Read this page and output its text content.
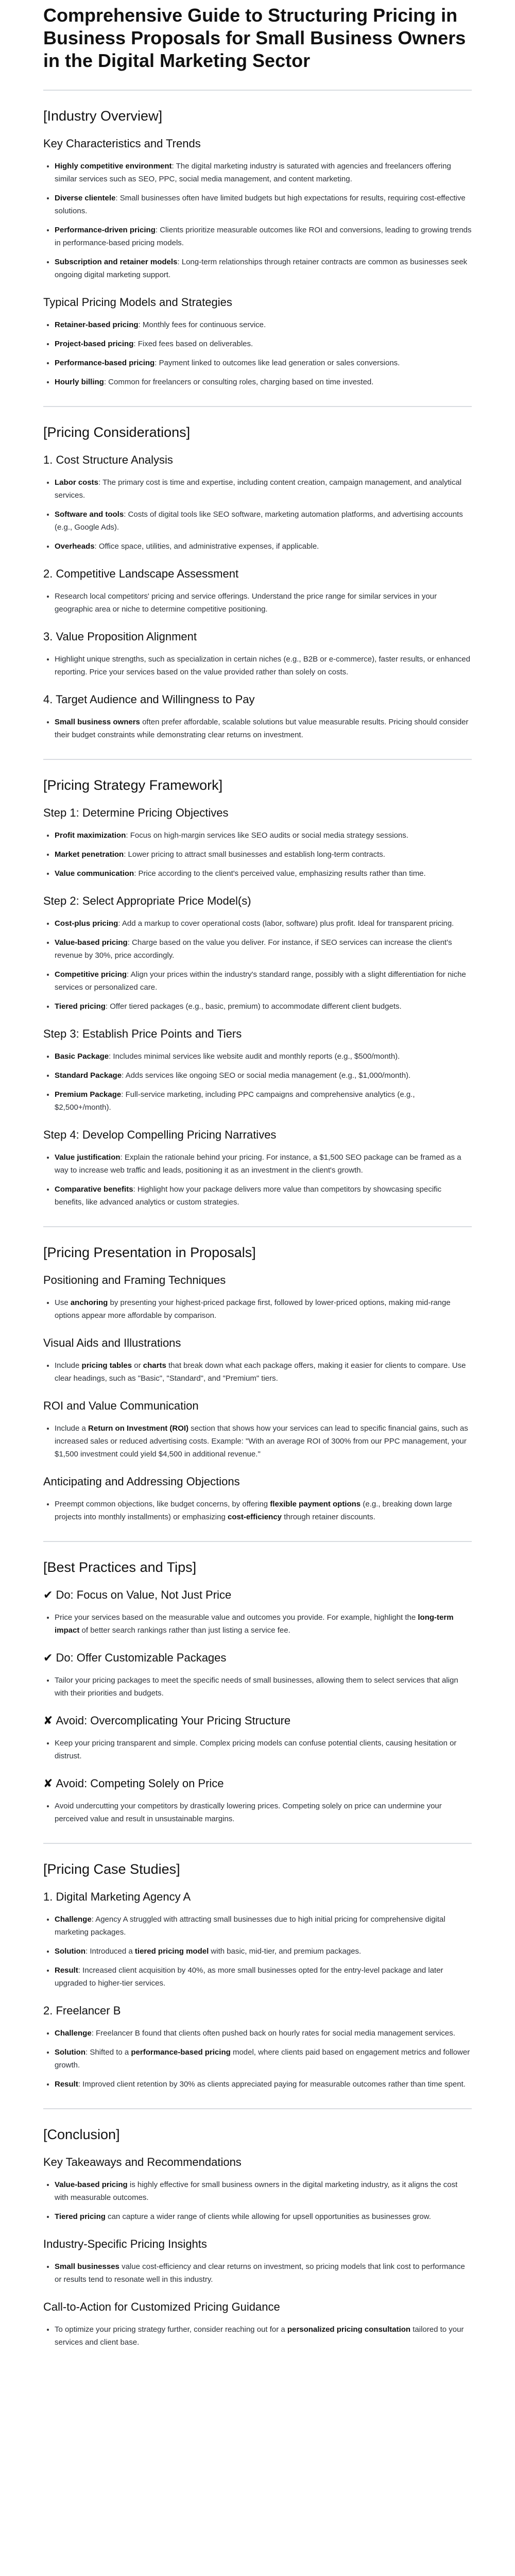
Comprehensive Guide to Structuring Pricing in Business Proposals for Small Business Owners in the Digital Marketing Sector
[Industry Overview]
Key Characteristics and Trends
• Highly competitive environment: The digital marketing industry is saturated with agencies and freelancers offering similar services such as SEO, PPC, social media management, and content marketing.
• Diverse clientele: Small businesses often have limited budgets but high expectations for results, requiring cost-effective solutions.
• Performance-driven pricing: Clients prioritize measurable outcomes like ROI and conversions, leading to growing trends in performance-based pricing models.
• Subscription and retainer models: Long-term relationships through retainer contracts are common as businesses seek ongoing digital marketing support.
Typical Pricing Models and Strategies
• Retainer-based pricing: Monthly fees for continuous service.
• Project-based pricing: Fixed fees based on deliverables.
• Performance-based pricing: Payment linked to outcomes like lead generation or sales conversions.
• Hourly billing: Common for freelancers or consulting roles, charging based on time invested.
[Pricing Considerations]
1. Cost Structure Analysis
• Labor costs: The primary cost is time and expertise, including content creation, campaign management, and analytical services.
• Software and tools: Costs of digital tools like SEO software, marketing automation platforms, and advertising accounts (e.g., Google Ads).
• Overheads: Office space, utilities, and administrative expenses, if applicable.
2. Competitive Landscape Assessment
• Research local competitors' pricing and service offerings. Understand the price range for similar services in your geographic area or niche to determine competitive positioning.
3. Value Proposition Alignment
• Highlight unique strengths, such as specialization in certain niches (e.g., B2B or e-commerce), faster results, or enhanced reporting. Price your services based on the value provided rather than solely on costs.
4. Target Audience and Willingness to Pay
• Small business owners often prefer affordable, scalable solutions but value measurable results. Pricing should consider their budget constraints while demonstrating clear returns on investment.
[Pricing Strategy Framework]
Step 1: Determine Pricing Objectives
• Profit maximization: Focus on high-margin services like SEO audits or social media strategy sessions.
• Market penetration: Lower pricing to attract small businesses and establish long-term contracts.
• Value communication: Price according to the client's perceived value, emphasizing results rather than time.
Step 2: Select Appropriate Price Model(s)
• Cost-plus pricing: Add a markup to cover operational costs (labor, software) plus profit. Ideal for transparent pricing.
• Value-based pricing: Charge based on the value you deliver. For instance, if SEO services can increase the client's revenue by 30%, price accordingly.
• Competitive pricing: Align your prices within the industry's standard range, possibly with a slight differentiation for niche services or personalized care.
• Tiered pricing: Offer tiered packages (e.g., basic, premium) to accommodate different client budgets.
Step 3: Establish Price Points and Tiers
• Basic Package: Includes minimal services like website audit and monthly reports (e.g., $500/month).
• Standard Package: Adds services like ongoing SEO or social media management (e.g., $1,000/month).
• Premium Package: Full-service marketing, including PPC campaigns and comprehensive analytics (e.g., $2,500+/month).
Step 4: Develop Compelling Pricing Narratives
• Value justification: Explain the rationale behind your pricing. For instance, a $1,500 SEO package can be framed as a way to increase web traffic and leads, positioning it as an investment in the client's growth.
• Comparative benefits: Highlight how your package delivers more value than competitors by showcasing specific benefits, like advanced analytics or custom strategies.
[Pricing Presentation in Proposals]
Positioning and Framing Techniques
• Use anchoring by presenting your highest-priced package first, followed by lower-priced options, making mid-range options appear more affordable by comparison.
Visual Aids and Illustrations
• Include pricing tables or charts that break down what each package offers, making it easier for clients to compare. Use clear headings, such as "Basic", "Standard", and "Premium" tiers.
ROI and Value Communication
• Include a Return on Investment (ROI) section that shows how your services can lead to specific financial gains, such as increased sales or reduced advertising costs. Example: "With an average ROI of 300% from our PPC management, your $1,500 investment could yield $4,500 in additional revenue."
Anticipating and Addressing Objections
• Preempt common objections, like budget concerns, by offering flexible payment options (e.g., breaking down large projects into monthly installments) or emphasizing cost-efficiency through retainer discounts.
[Best Practices and Tips]
✔ Do: Focus on Value, Not Just Price
• Price your services based on the measurable value and outcomes you provide. For example, highlight the long-term impact of better search rankings rather than just listing a service fee.
✔ Do: Offer Customizable Packages
• Tailor your pricing packages to meet the specific needs of small businesses, allowing them to select services that align with their priorities and budgets.
✘ Avoid: Overcomplicating Your Pricing Structure
• Keep your pricing transparent and simple. Complex pricing models can confuse potential clients, causing hesitation or distrust.
✘ Avoid: Competing Solely on Price
• Avoid undercutting your competitors by drastically lowering prices. Competing solely on price can undermine your perceived value and result in unsustainable margins.
[Pricing Case Studies]
1. Digital Marketing Agency A
• Challenge: Agency A struggled with attracting small businesses due to high initial pricing for comprehensive digital marketing packages.
• Solution: Introduced a tiered pricing model with basic, mid-tier, and premium packages.
• Result: Increased client acquisition by 40%, as more small businesses opted for the entry-level package and later upgraded to higher-tier services.
2. Freelancer B
• Challenge: Freelancer B found that clients often pushed back on hourly rates for social media management services.
• Solution: Shifted to a performance-based pricing model, where clients paid based on engagement metrics and follower growth.
• Result: Improved client retention by 30% as clients appreciated paying for measurable outcomes rather than time spent.
[Conclusion]
Key Takeaways and Recommendations
• Value-based pricing is highly effective for small business owners in the digital marketing industry, as it aligns the cost with measurable outcomes.
• Tiered pricing can capture a wider range of clients while allowing for upsell opportunities as businesses grow.
Industry-Specific Pricing Insights
• Small businesses value cost-efficiency and clear returns on investment, so pricing models that link cost to performance or results tend to resonate well in this industry.
Call-to-Action for Customized Pricing Guidance
• To optimize your pricing strategy further, consider reaching out for a personalized pricing consultation tailored to your services and client base.
